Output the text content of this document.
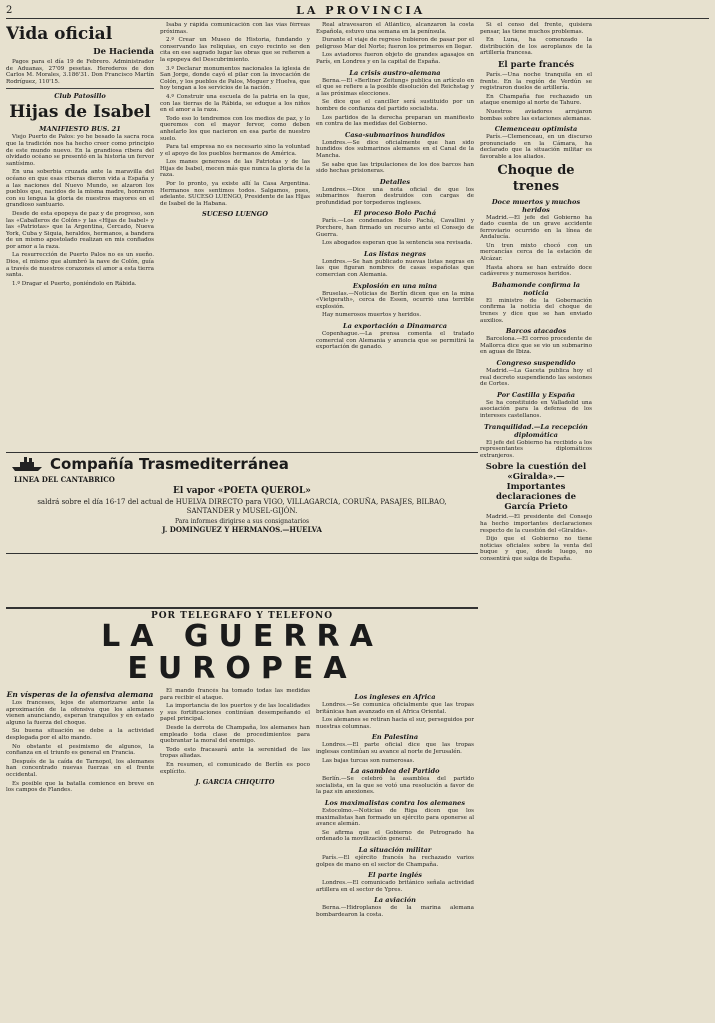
2	LA PROVINCIA
Vida oficial
De Hacienda

Pagos para el día 19 de Febrero. Administrador de Aduanas, 27'09 pesetas. Herederos de don Carlos M. Morales, 3.186'31. Don Francisco Martín Rodríguez, 110'15.

Club Patosillo
Hijas de Isabel
MANIFIESTO BUS. 21

Viejo Puerto de Palos: yo he besado la sacra roca que la tradición nos ha hecho creer como principio de este mundo nuevo. En la grandiosa ribera del olvidado océano se presentó en la historia un fervor santísimo.

En una soberbia cruzada ante la maravilla del océano en que esas riberas dieron vida a España y a las naciones del Nuevo Mundo, se alzaron los pueblos que, nacidos de la misma madre, honraron con su lengua la gloria de nuestros mayores en el grandioso santuario.

Desde de esta epopeya de paz y de progreso, son las «Caballeros de Colón» y las «Hijas de Isabel» y las «Patriotas» que la Argentina, Cercado, Nueva York, Cuba y Siquia, heraldos, hermanos, a bandera de un mismo apostolado realizan en mis confiados por amor a la raza.

La resurrección de Puerto Palos no es un sueño. Dios, el mismo que alumbró la nave de Colón, guía a través de nuestros corazones el amor a esta tierra santa.

1.º Dragar el Puerto, poniéndolo en Rábida.

Isaba y rápida comunicación con las vías férreas próximas.

2.º Crear un Museo de Historia, fundando y conservando las reliquias, en cuyo recinto se den cita en ese sagrado lugar las obras que se refieren a la epopeya del Descubrimiento.

3.º Declarar monumentos nacionales la iglesia de San Jorge, donde cayó el pilar con la invocación de Colón, y los pueblos de Palos, Moguer y Huelva, que hoy tengan a los servicios de la nación.

4.º Construir una escuela de la patria en la que, con las tierras de la Rábida, se eduque a los niños en el amor a la raza.

Todo eso lo tendremos con los medios de paz, y lo queremos con el mayor fervor, como deben anhelarlo los que nacieron en esa parte de nuestro suelo.

Para tal empresa no es necesario sino la voluntad y el apoyo de los pueblos hermanos de América.

Los manes generosos de las Patriotas y de las Hijas de Isabel, mecen más que nunca la gloria de la raza.

Por lo pronto, ya existe allí la Casa Argentina. Hermanos nos sentimos todos. Salgamos, pues, adelante. SUCESO LUENGO, Presidente de las Hijas de Isabel de la Habana.

SUCESO LUENGO

Real atravesaron el Atlántico, alcanzaron la costa Española, estuvo una semana en la península.

Durante el viaje de regreso hubieron de pasar por el peligroso Mar del Norte; fueron los primeros en llegar.

Los aviadores fueron objeto de grandes agasajos en París, en Londres y en la capital de España.

La crisis austro-alemana

Berna.—El «Berliner Zeitung» publica un artículo en el que se refiere a la posible disolución del Reichstag y a las próximas elecciones.

Se dice que el canciller será sustituido por un hombre de confianza del partido socialista.

Los partidos de la derecha preparan un manifiesto en contra de las medidas del Gobierno.

Casa-submarinos hundidos

Londres.—Se dice oficialmente que han sido hundidos dos submarinos alemanes en el Canal de la Mancha.

Se sabe que las tripulaciones de los dos barcos han sido hechas prisioneras.

Detalles

Londres.—Dice una nota oficial de que los submarinos fueron destruidos con cargas de profundidad por torpederos ingleses.

El proceso Bolo Pachá

París.—Los condenados Bolo Pachá, Cavallini y Porchere, han firmado un recurso ante el Consejo de Guerra.

Los abogados esperan que la sentencia sea revisada.

Las listas negras

Londres.—Se han publicado nuevas listas negras en las que figuran nombres de casas españolas que comercian con Alemania.

Explosión en una mina

Bruselas.—Noticias de Berlín dicen que en la mina «Vietgerath», cerca de Essen, ocurrió una terrible explosión.

Hay numerosos muertos y heridos.

La exportación a Dinamarca

Copenhague.—La prensa comenta el tratado comercial con Alemania y anuncia que se permitirá la exportación de ganado.

Los ingleses en Africa

Londres.—Se comunica oficialmente que las tropas británicas han avanzado en el Africa Oriental.

Los alemanes se retiran hacia el sur, perseguidos por nuestras columnas.

En Palestina

Londres.—El parte oficial dice que las tropas inglesas continúan su avance al norte de Jerusalén.

Las bajas turcas son numerosas.

La asamblea del Partido

Berlín.—Se celebró la asamblea del partido socialista, en la que se votó una resolución a favor de la paz sin anexiones.

Los maximalistas contra los alemanes

Estocolmo.—Noticias de Riga dicen que los maximalistas han formado un ejército para oponerse al avance alemán.

Se afirma que el Gobierno de Petrogrado ha ordenado la movilización general.

La situación militar

París.—El ejército francés ha rechazado varios golpes de mano en el sector de Champaña.

El parte inglés

Londres.—El comunicado británico señala actividad artillera en el sector de Ypres.

La aviación

Berna.—Hidroplanos de la marina alemana bombardearon la costa.

Compañía Trasmediterránea
LINEA DEL CANTABRICO
El vapor «POETA QUEROL»
saldrá sobre el día 16-17 del actual de HUELVA DIRECTO para VIGO, VILLAGARCIA, CORUÑA, PASAJES, BILBAO, SANTANDER y MUSEL-GIJÓN.
Para informes dirigirse a sus consignatarios
J. DOMINGUEZ Y HERMANOS.—HUELVA
POR TELEGRAFO Y TELEFONO
LA GUERRA
EUROPEA
En vísperas de la ofensiva alemana

Los franceses, lejos de atemorizarse ante la aproximación de la ofensiva que los alemanes vienen anunciando, esperan tranquilos y en estado alguno la fuerza del choque.

Su buena situación se debe a la actividad desplegada por el alto mando.

No obstante el pesimismo de algunos, la confianza en el triunfo es general en Francia.

Después de la caída de Tarnopol, los alemanes han concentrado nuevas fuerzas en el frente occidental.

Es posible que la batalla comience en breve en los campos de Flandes.

El mando francés ha tomado todas las medidas para recibir el ataque.

La importancia de los puertos y de las localidades y sus fortificaciones continúan desempeñando el papel principal.

Desde la derrota de Champaña, los alemanes han empleado toda clase de procedimientos para quebrantar la moral del enemigo.

Todo esto fracasará ante la serenidad de las tropas aliadas.

En resumen, el comunicado de Berlín es poco explícito.

J. GARCIA CHIQUITO

Si el censo del frente, quisiera pensar, las tiene muchos problemas.

En Luna, ha comenzado la distribución de los aeroplanos de la artillería francesa.

El parte francés

París.—Una noche tranquila en el frente. En la región de Verdún se registraron duelos de artillería.

En Champaña fue rechazado un ataque enemigo al norte de Tahure.

Nuestros aviadores arrojaron bombas sobre las estaciones alemanas.

Clemenceau optimista

París.—Clemenceau, en un discurso pronunciado en la Cámara, ha declarado que la situación militar es favorable a los aliados.

Choque de trenes
Doce muertos y muchos heridos

Madrid.—El jefe del Gobierno ha dado cuenta de un grave accidente ferroviario ocurrido en la línea de Andalucía.

Un tren mixto chocó con un mercancías cerca de la estación de Alcázar.

Hasta ahora se han extraído doce cadáveres y numerosos heridos.

Bahamonde confirma la noticia

El ministro de la Gobernación confirma la noticia del choque de trenes y dice que se han enviado auxilios.

Barcos atacados

Barcelona.—El correo procedente de Mallorca dice que se vio un submarino en aguas de Ibiza.

Congreso suspendido

Madrid.—La Gaceta publica hoy el real decreto suspendiendo las sesiones de Cortes.

Por Castilla y España

Se ha constituido en Valladolid una asociación para la defensa de los intereses castellanos.

Tranquilidad.—La recepción diplomática

El jefe del Gobierno ha recibido a los representantes diplomáticos extranjeros.

Sobre la cuestión del «Giralda».—Importantes declaraciones de García Prieto

Madrid.—El presidente del Consejo ha hecho importantes declaraciones respecto de la cuestión del «Giralda».

Dijo que el Gobierno no tiene noticias oficiales sobre la venta del buque y que, desde luego, no consentirá que salga de España.
